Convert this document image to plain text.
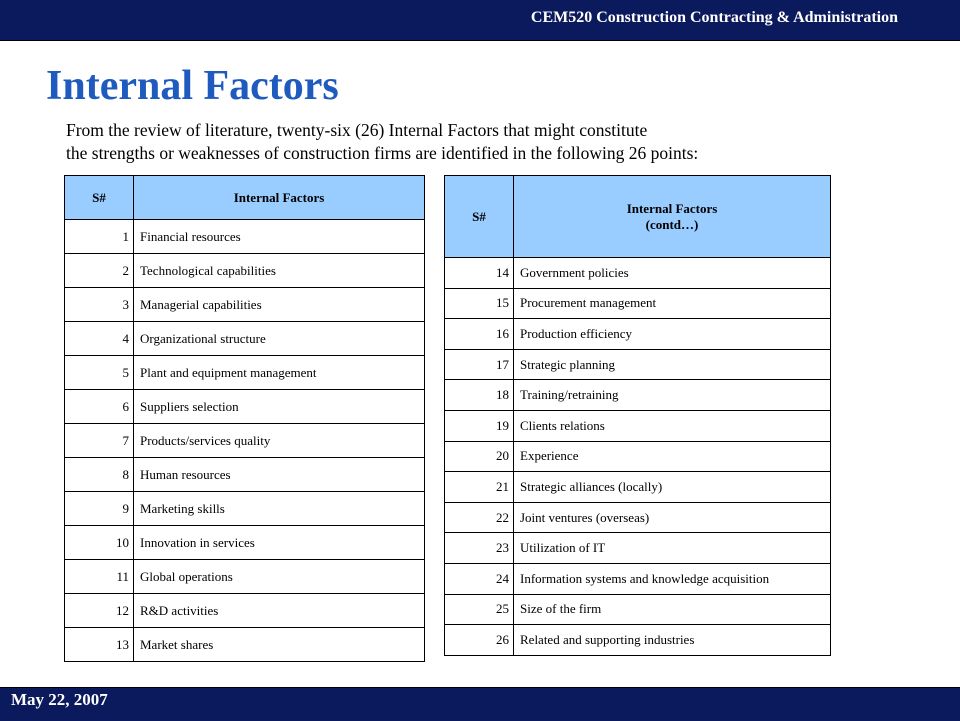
CEM520 Construction Contracting & Administration
Internal Factors
From the review of literature, twenty-six (26) Internal Factors that might constitute
the strengths or weaknesses of construction firms are identified in the following 26 points:
S#	Internal Factors
1	Financial resources
2	Technological capabilities
3	Managerial capabilities
4	Organizational structure
5	Plant and equipment management
6	Suppliers selection
7	Products/services quality
8	Human resources
9	Marketing skills
10	Innovation in services
11	Global operations
12	R&D activities
13	Market shares
S#	Internal Factors
(contd…)

14	Government policies
15	Procurement management
16	Production efficiency
17	Strategic planning
18	Training/retraining
19	Clients relations
20	Experience
21	Strategic alliances (locally)
22	Joint ventures (overseas)
23	Utilization of IT
24	Information systems and knowledge acquisition
25	Size of the firm
26	Related and supporting industries
May 22, 2007
